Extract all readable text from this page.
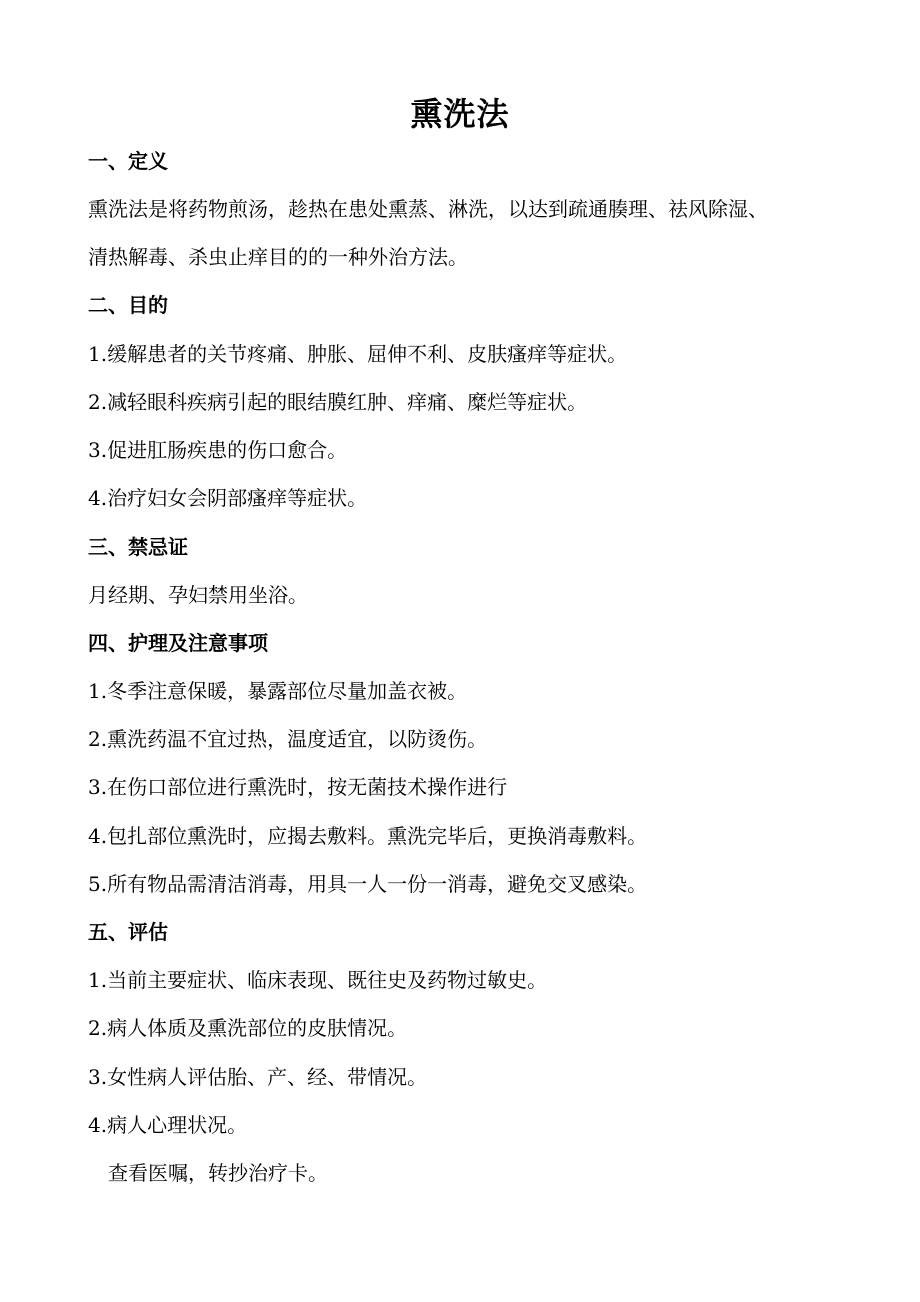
熏洗法
一、定义
熏洗法是将药物煎汤，趁热在患处熏蒸、淋洗，以达到疏通腠理、祛风除湿、
清热解毒、杀虫止痒目的的一种外治方法。
二、目的
1.缓解患者的关节疼痛、肿胀、屈伸不利、皮肤瘙痒等症状。
2.减轻眼科疾病引起的眼结膜红肿、痒痛、糜烂等症状。
3.促进肛肠疾患的伤口愈合。
4.治疗妇女会阴部瘙痒等症状。
三、禁忌证
月经期、孕妇禁用坐浴。
四、护理及注意事项
1.冬季注意保暖，暴露部位尽量加盖衣被。
2.熏洗药温不宜过热，温度适宜，以防烫伤。
3.在伤口部位进行熏洗时，按无菌技术操作进行
4.包扎部位熏洗时，应揭去敷料。熏洗完毕后，更换消毒敷料。
5.所有物品需清洁消毒，用具一人一份一消毒，避免交叉感染。
五、评估
1.当前主要症状、临床表现、既往史及药物过敏史。
2.病人体质及熏洗部位的皮肤情况。
3.女性病人评估胎、产、经、带情况。
4.病人心理状况。
查看医嘱，转抄治疗卡。
